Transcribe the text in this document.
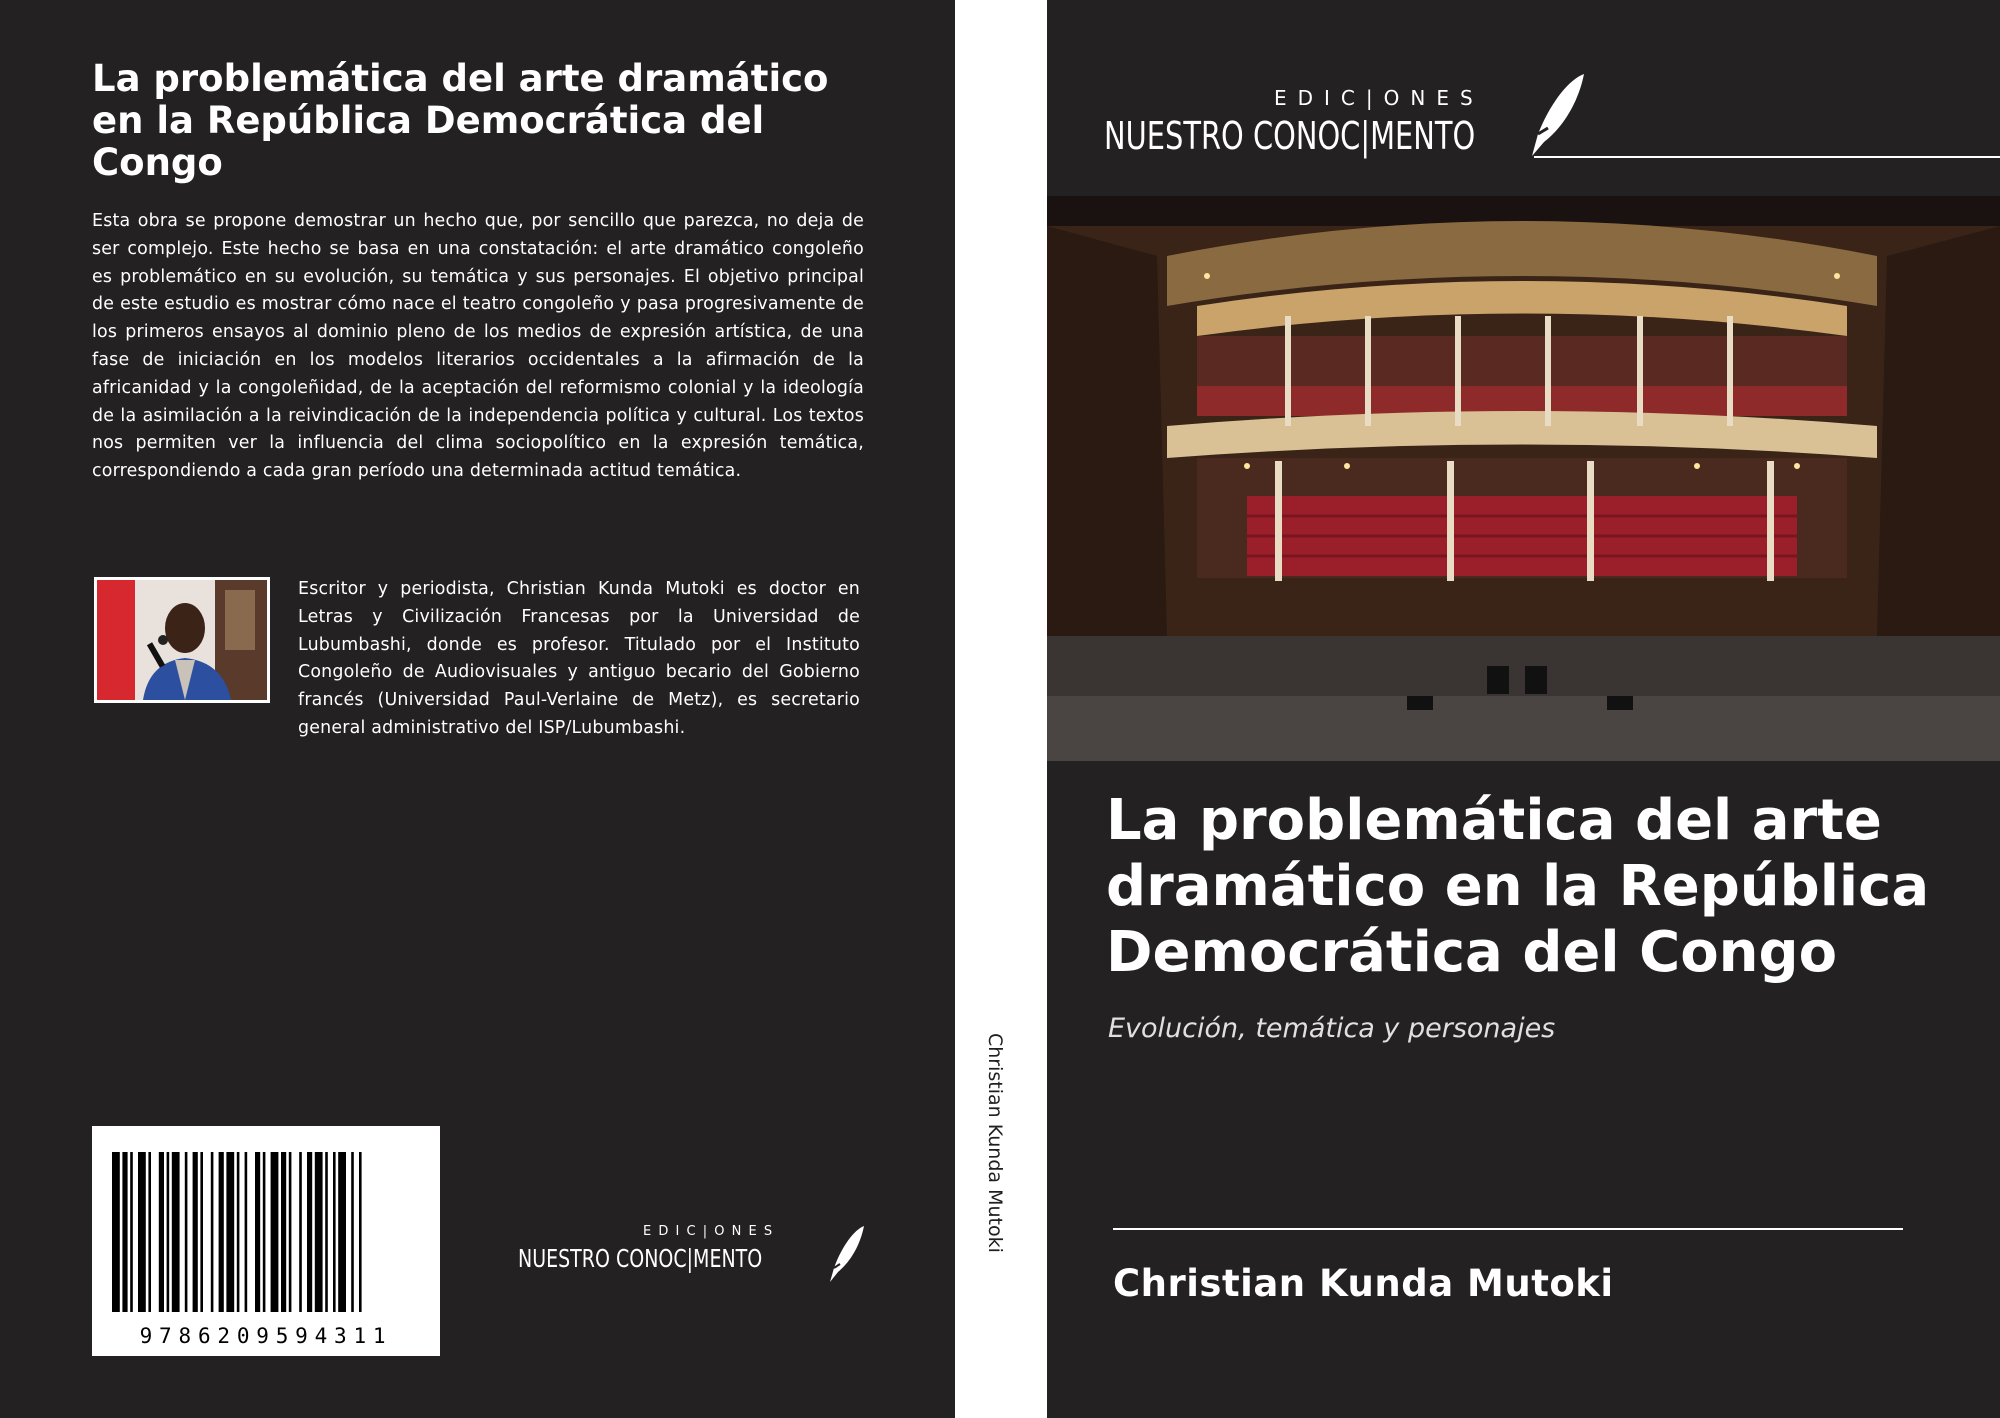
La problemática del arte dramático en la República Democrática del Congo

Esta obra se propone demostrar un hecho que, por sencillo que parezca, no deja de ser complejo. Este hecho se basa en una constatación: el arte dramático congoleño es problemático en su evolución, su temática y sus personajes. El objetivo principal de este estudio es mostrar cómo nace el teatro congoleño y pasa progresivamente de los primeros ensayos al dominio pleno de los medios de expresión artística, de una fase de iniciación en los modelos literarios occidentales a la afirmación de la africanidad y la congoleñidad, de la aceptación del reformismo colonial y la ideología de la asimilación a la reivindicación de la independencia política y cultural. Los textos nos permiten ver la influencia del clima sociopolítico en la expresión temática, correspondiendo a cada gran período una determinada actitud temática.

Escritor y periodista, Christian Kunda Mutoki es doctor en Letras y Civilización Francesas por la Universidad de Lubumbashi, donde es profesor. Titulado por el Instituto Congoleño de Audiovisuales y antiguo becario del Gobierno francés (Universidad Paul-Verlaine de Metz), es secretario general administrativo del ISP/Lubumbashi.

9786209594311
EDIC|ONES
NUESTRO CONOC|MENTO
Christian Kunda Mutoki
EDIC|ONES
NUESTRO CONOC|MENTO
La problemática del arte dramático en la República Democrática del Congo

Evolución, temática y personajes

Christian Kunda Mutoki
